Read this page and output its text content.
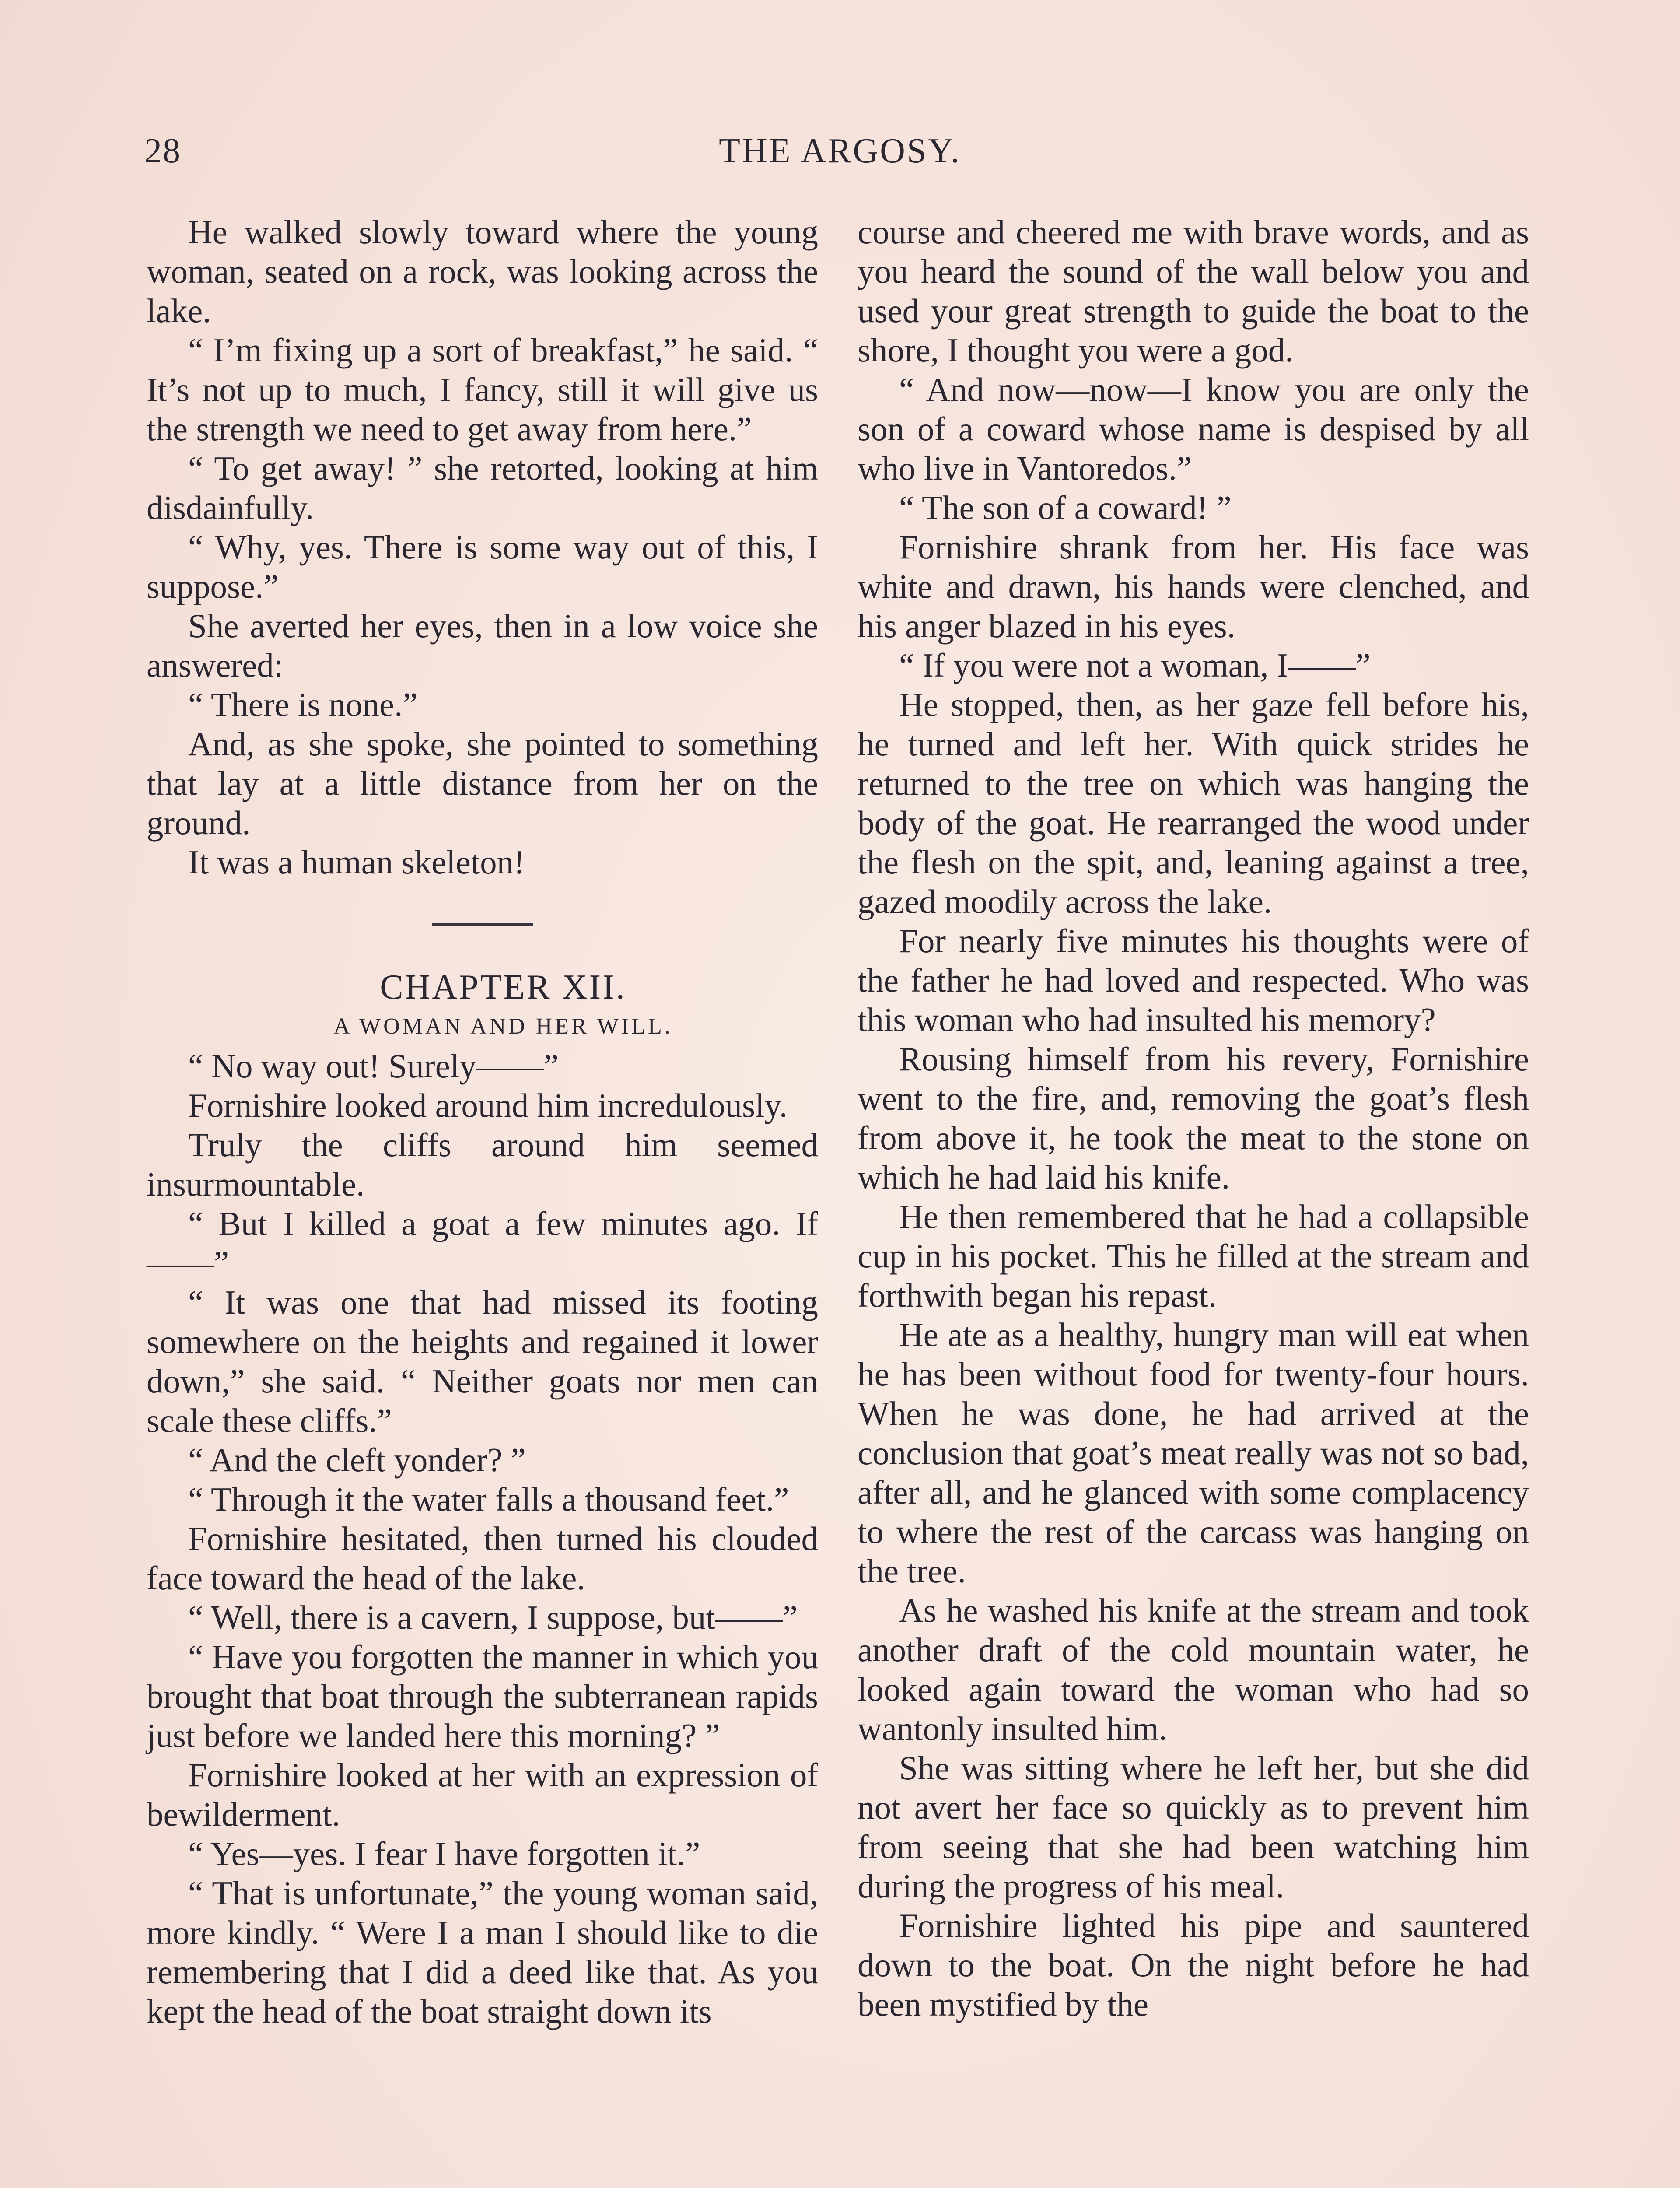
28	THE ARGOSY.

He walked slowly toward where the young woman, seated on a rock, was looking across the lake.

“ I’m fixing up a sort of breakfast,” he said. “ It’s not up to much, I fancy, still it will give us the strength we need to get away from here.”

“ To get away! ” she retorted, looking at him disdainfully.

“ Why, yes. There is some way out of this, I suppose.”

She averted her eyes, then in a low voice she answered:

“ There is none.”

And, as she spoke, she pointed to something that lay at a little distance from her on the ground.

It was a human skeleton!

CHAPTER XII.

A WOMAN AND HER WILL.

“ No way out! Surely——”

Fornishire looked around him incredulously.

Truly the cliffs around him seemed insurmountable.

“ But I killed a goat a few minutes ago. If——”

“ It was one that had missed its footing somewhere on the heights and regained it lower down,” she said. “ Neither goats nor men can scale these cliffs.”

“ And the cleft yonder? ”

“ Through it the water falls a thousand feet.”

Fornishire hesitated, then turned his clouded face toward the head of the lake.

“ Well, there is a cavern, I suppose, but——”

“ Have you forgotten the manner in which you brought that boat through the subterranean rapids just before we landed here this morning? ”

Fornishire looked at her with an expression of bewilderment.

“ Yes—yes. I fear I have forgotten it.”

“ That is unfortunate,” the young woman said, more kindly. “ Were I a man I should like to die remembering that I did a deed like that. As you kept the head of the boat straight down its

course and cheered me with brave words, and as you heard the sound of the wall below you and used your great strength to guide the boat to the shore, I thought you were a god.

“ And now—now—I know you are only the son of a coward whose name is despised by all who live in Vantoredos.”

“ The son of a coward! ”

Fornishire shrank from her. His face was white and drawn, his hands were clenched, and his anger blazed in his eyes.

“ If you were not a woman, I——”

He stopped, then, as her gaze fell before his, he turned and left her. With quick strides he returned to the tree on which was hanging the body of the goat. He rearranged the wood under the flesh on the spit, and, leaning against a tree, gazed moodily across the lake.

For nearly five minutes his thoughts were of the father he had loved and respected. Who was this woman who had insulted his memory?

Rousing himself from his revery, Fornishire went to the fire, and, removing the goat’s flesh from above it, he took the meat to the stone on which he had laid his knife.

He then remembered that he had a collapsible cup in his pocket. This he filled at the stream and forthwith began his repast.

He ate as a healthy, hungry man will eat when he has been without food for twenty-four hours. When he was done, he had arrived at the conclusion that goat’s meat really was not so bad, after all, and he glanced with some complacency to where the rest of the carcass was hanging on the tree.

As he washed his knife at the stream and took another draft of the cold mountain water, he looked again toward the woman who had so wantonly insulted him.

She was sitting where he left her, but she did not avert her face so quickly as to prevent him from seeing that she had been watching him during the progress of his meal.

Fornishire lighted his pipe and sauntered down to the boat. On the night before he had been mystified by the
